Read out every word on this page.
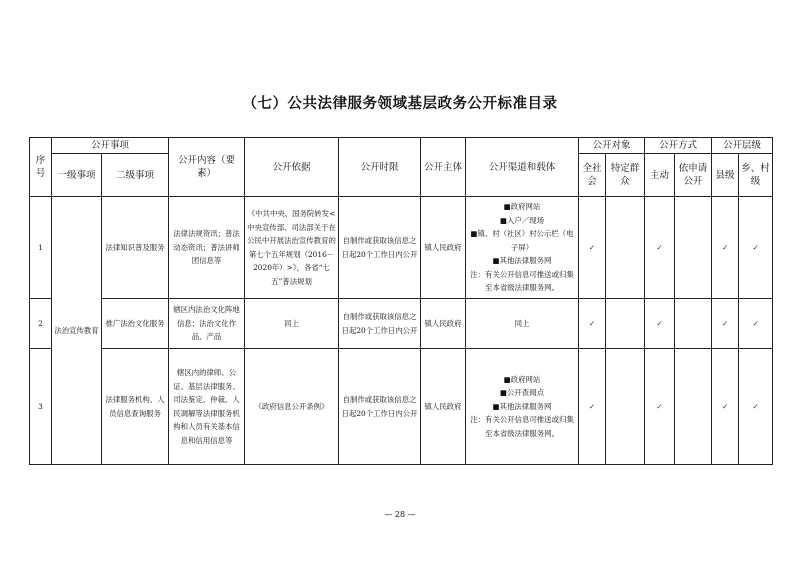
（七）公共法律服务领域基层政务公开标准目录
序号	公开事项		公开内容（要素）	公开依据	公开时限	公开主体	公开渠道和载体	公开对象		公开方式		公开层级	
	一级事项	二级事项						全社会	特定群众	主动	依申请公开	县级	乡、村级
1	法治宣传教育	法律知识普及服务	法律法规资讯；普法动态资讯；普法讲师团信息等	《中共中央、国务院转发<中央宣传部、司法部关于在公民中开展法治宣传教育的第七个五年规划（2016－2020年）>》，各省“七五”普法规划	自制作或获取该信息之日起20个工作日内公开	镇人民政府	■政府网站
■入户／现场
■镇、村（社区）村公示栏（电子屏）
■其他法律服务网
注：有关公开信息可推送或归集至本省级法律服务网。	✓		✓		✓	✓
2		推广法治文化服务	辖区内法治文化阵地信息；法治文化作品、产品	同上	自制作或获取该信息之日起20个工作日内公开	镇人民政府	同上	✓		✓		✓	✓
3		法律服务机构、人员信息查询服务	辖区内的律师、公证、基层法律服务、司法鉴定、仲裁、人民调解等法律服务机构和人员有关基本信息和信用信息等	《政府信息公开条例》	自制作或获取该信息之日起20个工作日内公开	镇人民政府	■政府网站
■公开查阅点
■其他法律服务网
注：有关公开信息可推送或归集至本省级法律服务网。	✓		✓		✓	✓
— 28 —
